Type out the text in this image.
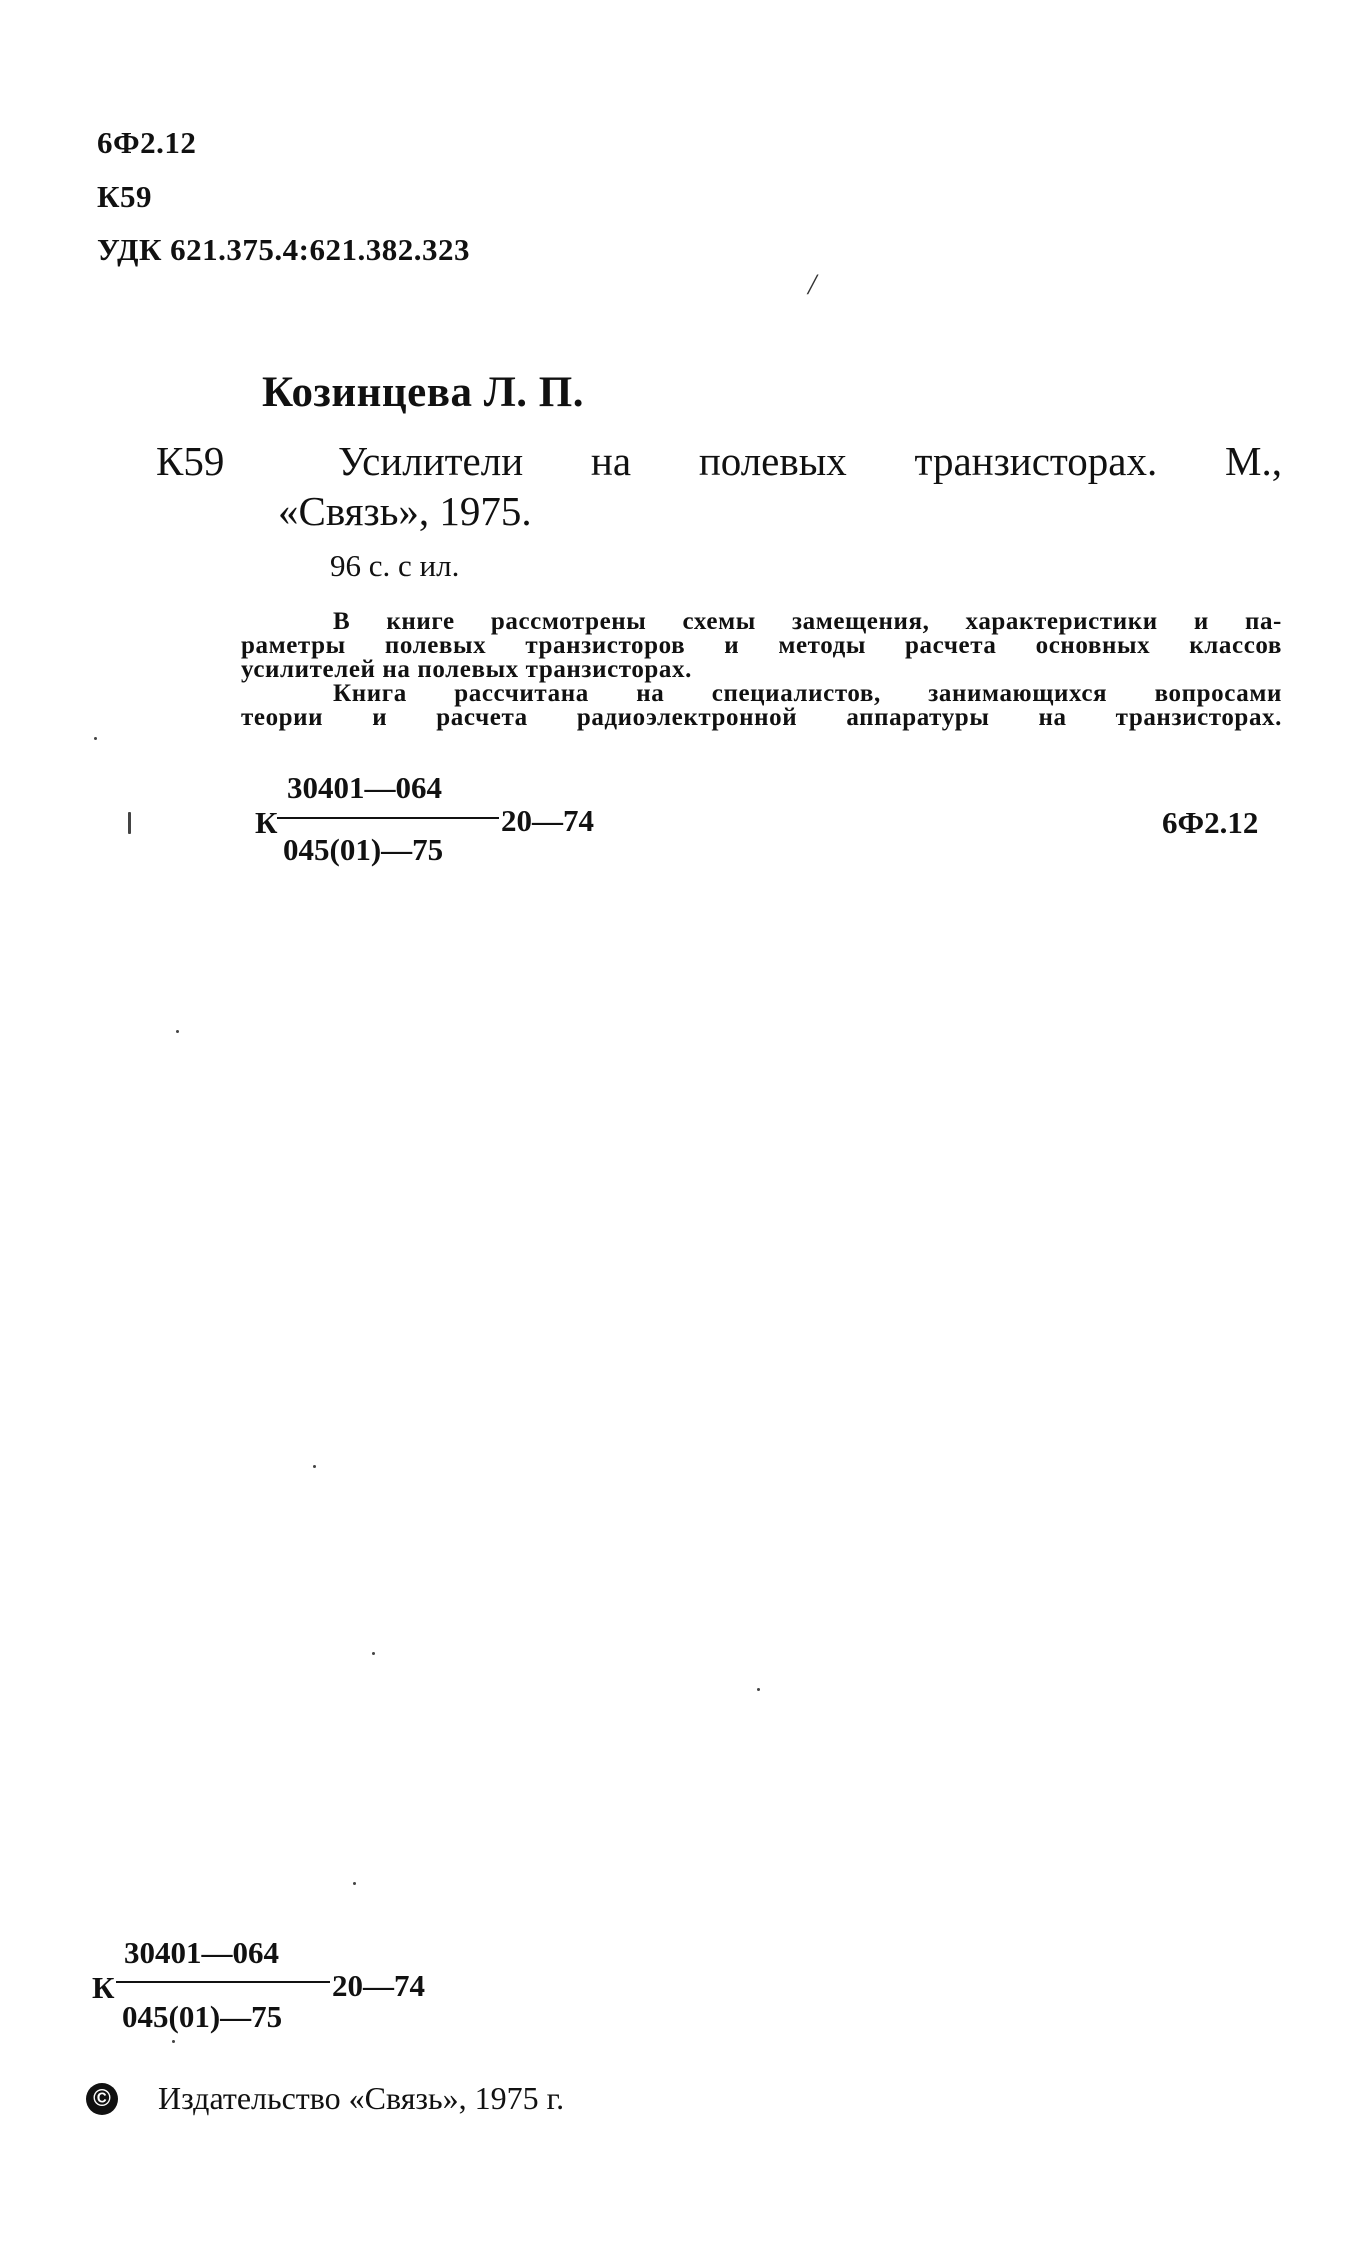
6Ф2.12
К59
УДК 621.375.4:621.382.323
/
Козинцева Л. П.
К59	Усилители на полевых транзисторах. М.,
«Связь», 1975.
96 с. с ил.

В книге рассмотрены схемы замещения, характеристики и па-

раметры полевых транзисторов и методы расчета основных классов

усилителей на полевых транзисторах.

Книга рассчитана на специалистов, занимающихся вопросами

теории и расчета радиоэлектронной аппаратуры на транзисторах.

К
30401—064
045(01)—75
20—74	6Ф2.12
К
30401—064
045(01)—75
20—74
© Издательство «Связь», 1975 г.
